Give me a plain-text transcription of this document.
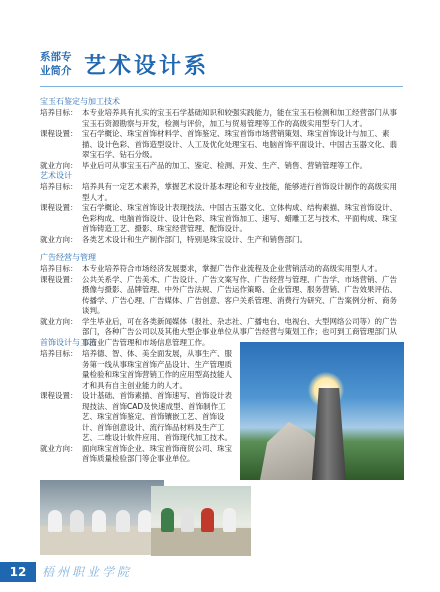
系部专业简介 艺术设计系
宝玉石鉴定与加工技术
培养目标： 本专业培养具有扎实的宝玉石学基础知识和较强实践能力，能在宝玉石检测和加工经营部门从事宝玉石资源勘察与开发，检测与评价，加工与贸易管理等工作的高级实用型专门人才。
课程设置： 宝石学概论、珠宝首饰材料学、首饰鉴定、珠宝首饰市场营销策划、珠宝首饰设计与加工、素描、设计色彩、首饰造型设计、人工及优化处理宝石、电脑首饰平面设计、中国古玉器文化、翡翠宝石学、钻石分级。
就业方向： 毕业后可从事宝玉石产品的加工、鉴定、检测、开发、生产、销售、营销管理等工作。
艺术设计
培养目标： 培养具有一定艺术素养，掌握艺术设计基本理论和专业技能，能够进行首饰设计制作的高级实用型人才。
课程设置： 宝石学概论、珠宝首饰设计表现技法、中国古玉器文化、立体构成、结构素描、珠宝首饰设计、色彩构成、电脑首饰设计、设计色彩、珠宝首饰加工、速写、蜡雕工艺与技术、平面构成、珠宝首饰铸造工艺、摄影、珠宝经营管理、配饰设计。
就业方向： 各类艺术设计和生产制作部门，特别是珠宝设计、生产和销售部门。
广告经营与管理
培养目标： 本专业培养符合市场经济发展要求，掌握广告作业流程及企业营销活动的高级实用型人才。
课程设置： 公共关系学、广告美术、广告设计、广告文案写作、广告经营与管理、广告学、市场营销、广告摄像与摄影、品牌管理、中外广告法规、广告运作策略、企业管理、服务营销、广告效果评估、传播学、广告心理、广告媒体、广告创意、客户关系管理、消费行为研究、广告案例分析、商务谈判。
就业方向： 学生毕业后，可在各类新闻媒体（报社、杂志社、广播电台、电视台、大型网络公司等）的广告部门，各种广告公司以及其他大型企事业单位从事广告经营与策划工作；也可到工商管理部门从事商业广告管理和市场信息管理工作。
首饰设计与工艺
培养目标： 培养德、智、体、美全面发展，从事生产、服务第一线从事珠宝首饰产品设计、生产管理质量检验和珠宝首饰营销工作的应用型高技能人才和具有自主创业能力的人才。
课程设置： 设计基础、首饰素描、首饰速写、首饰设计表现技法、首饰CAD及快速成型、首饰制作工艺、珠宝首饰鉴定、首饰镶嵌工艺、首饰设计、首饰创意设计、流行饰品材料及生产工艺、二维设计软件应用、首饰现代加工技术。
就业方向： 面向珠宝首饰企业、珠宝首饰商贸公司、珠宝首饰质量检验部门等企事业单位。
12	梧州职业学院
